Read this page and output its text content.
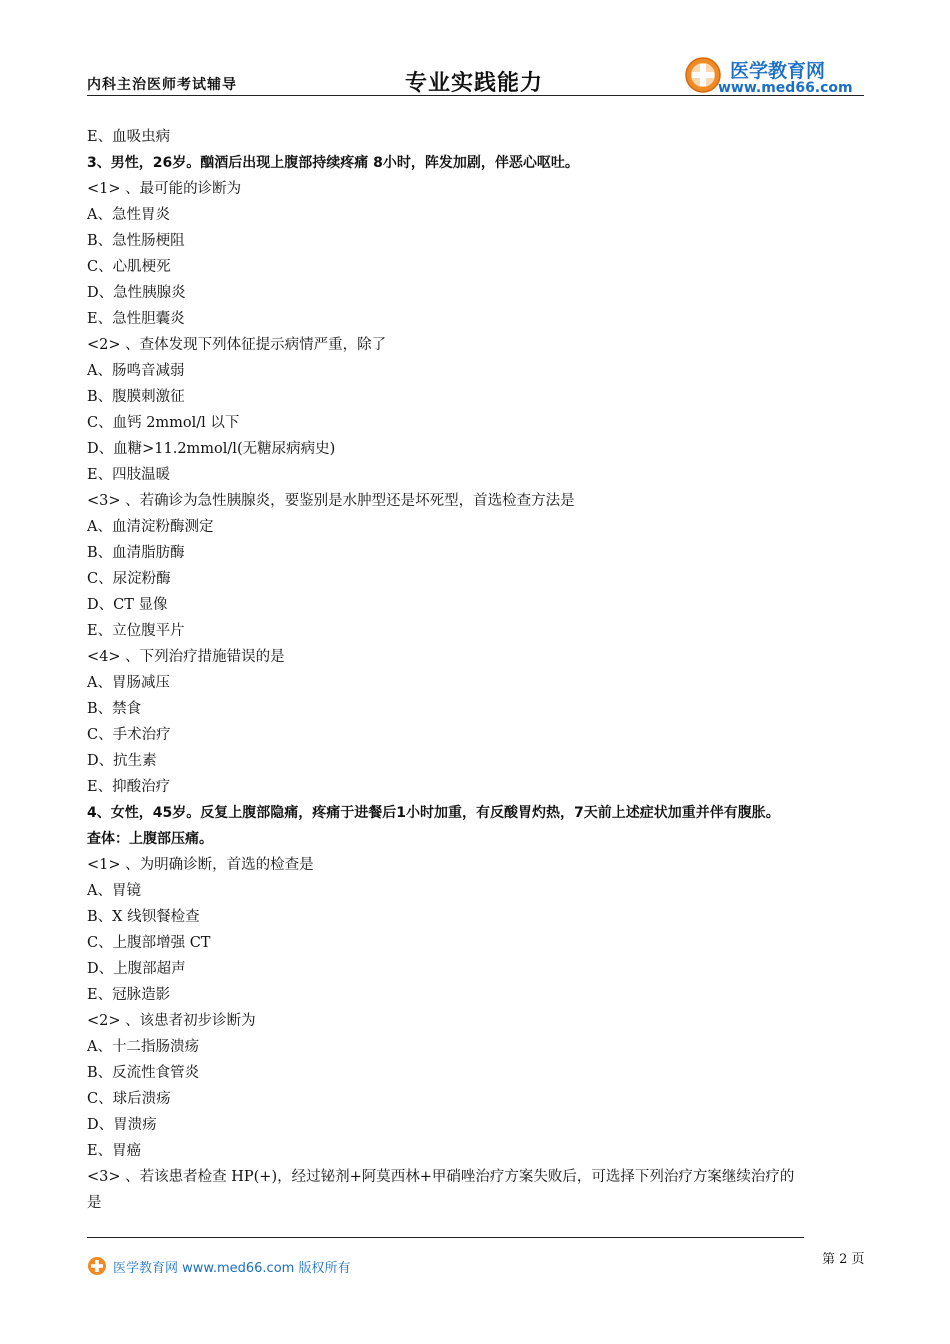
内科主治医师考试辅导	专业实践能力	医学教育网
www.med66.com
E、血吸虫病
3、男性，26岁。酗酒后出现上腹部持续疼痛 8小时，阵发加剧，伴恶心呕吐。
<1> 、最可能的诊断为
A、急性胃炎
B、急性肠梗阻
C、心肌梗死
D、急性胰腺炎
E、急性胆囊炎
<2> 、查体发现下列体征提示病情严重，除了
A、肠鸣音减弱
B、腹膜刺激征
C、血钙 2mmol/l 以下
D、血糖>11.2mmol/l(无糖尿病病史)
E、四肢温暖
<3> 、若确诊为急性胰腺炎，要鉴别是水肿型还是坏死型，首选检查方法是
A、血清淀粉酶测定
B、血清脂肪酶
C、尿淀粉酶
D、CT 显像
E、立位腹平片
<4> 、下列治疗措施错误的是
A、胃肠减压
B、禁食
C、手术治疗
D、抗生素
E、抑酸治疗
4、女性，45岁。反复上腹部隐痛，疼痛于进餐后1小时加重，有反酸胃灼热，7天前上述症状加重并伴有腹胀。
查体：上腹部压痛。
<1> 、为明确诊断，首选的检查是
A、胃镜
B、X 线钡餐检查
C、上腹部增强 CT
D、上腹部超声
E、冠脉造影
<2> 、该患者初步诊断为
A、十二指肠溃疡
B、反流性食管炎
C、球后溃疡
D、胃溃疡
E、胃癌
<3> 、若该患者检查 HP(+)，经过铋剂+阿莫西林+甲硝唑治疗方案失败后，可选择下列治疗方案继续治疗的
是
医学教育网 www.med66.com 版权所有
第 2 页
